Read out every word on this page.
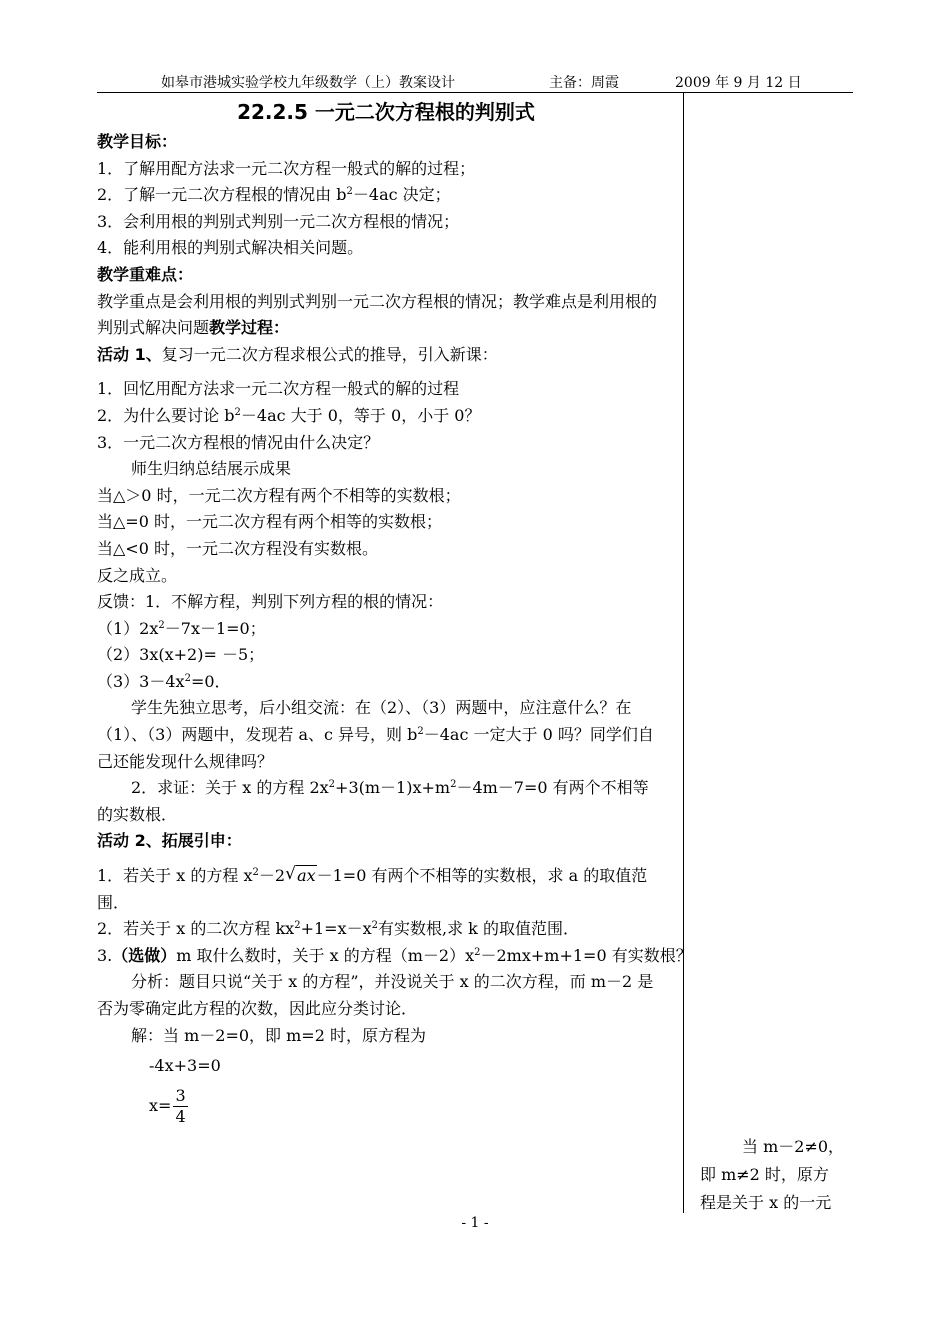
如皋市港城实验学校九年级数学（上）教案设计	主备：周霞	2009 年 9 月 12 日
22.2.5 一元二次方程根的判别式
教学目标：
1．了解用配方法求一元二次方程一般式的解的过程；
2．了解一元二次方程根的情况由 $b^2-4ac$ 决定；
3．会利用根的判别式判别一元二次方程根的情况；
4．能利用根的判别式解决相关问题。
教学重难点：
教学重点是会利用根的判别式判别一元二次方程根的情况；教学难点是利用根的判别式解决问题教学过程：
活动 1、复习一元二次方程求根公式的推导，引入新课：
1．回忆用配方法求一元二次方程一般式的解的过程
2．为什么要讨论 $b^2-4ac$ 大于 0，等于 0，小于 0？
3．一元二次方程根的情况由什么决定？
师生归纳总结展示成果
当△＞0 时，一元二次方程有两个不相等的实数根；
当△=0 时，一元二次方程有两个相等的实数根；
当△<0 时，一元二次方程没有实数根。
反之成立。
反馈：1．不解方程，判别下列方程的根的情况：
$(1)2x^2-7x-1=0$；
（2）3x(x+2)= －5；
$(3)3-4x^2=0$．
学生先独立思考，后小组交流：在（2）、（3）两题中，应注意什么？在（1）、（3）两题中，发现若 a、c 异号，则 $b^2-4ac$ 一定大于 0 吗？同学们自己还能发现什么规律吗？
2．求证：关于 x 的方程 $2x^2+3(m-1)x+m^2-4m-7=0$ 有两个不相等的实数根．
活动 2、拓展引申：
1．若关于 x 的方程 $x^2-2$ √ ax－1=0 有两个不相等的实数根，求 a 的取值范围．
2．若关于 x 的二次方程 $kx^2+1=x-x^2$有实数根,求 k 的取值范围．
3.（选做）m 取什么数时，关于 x 的方程$(m-2)x^2-2mx+m+1=0$ 有实数根？
分析：题目只说“关于 x 的方程”，并没说关于 x 的二次方程，而 m－2 是否为零确定此方程的次数，因此应分类讨论．
解：当 m－2=0，即 m=2 时，原方程为
-4x+3=0
$x= \frac{3}{4}$
当 m－2≠0，
即 m≠2 时，原方
程是关于 x 的一元
- 1 -
